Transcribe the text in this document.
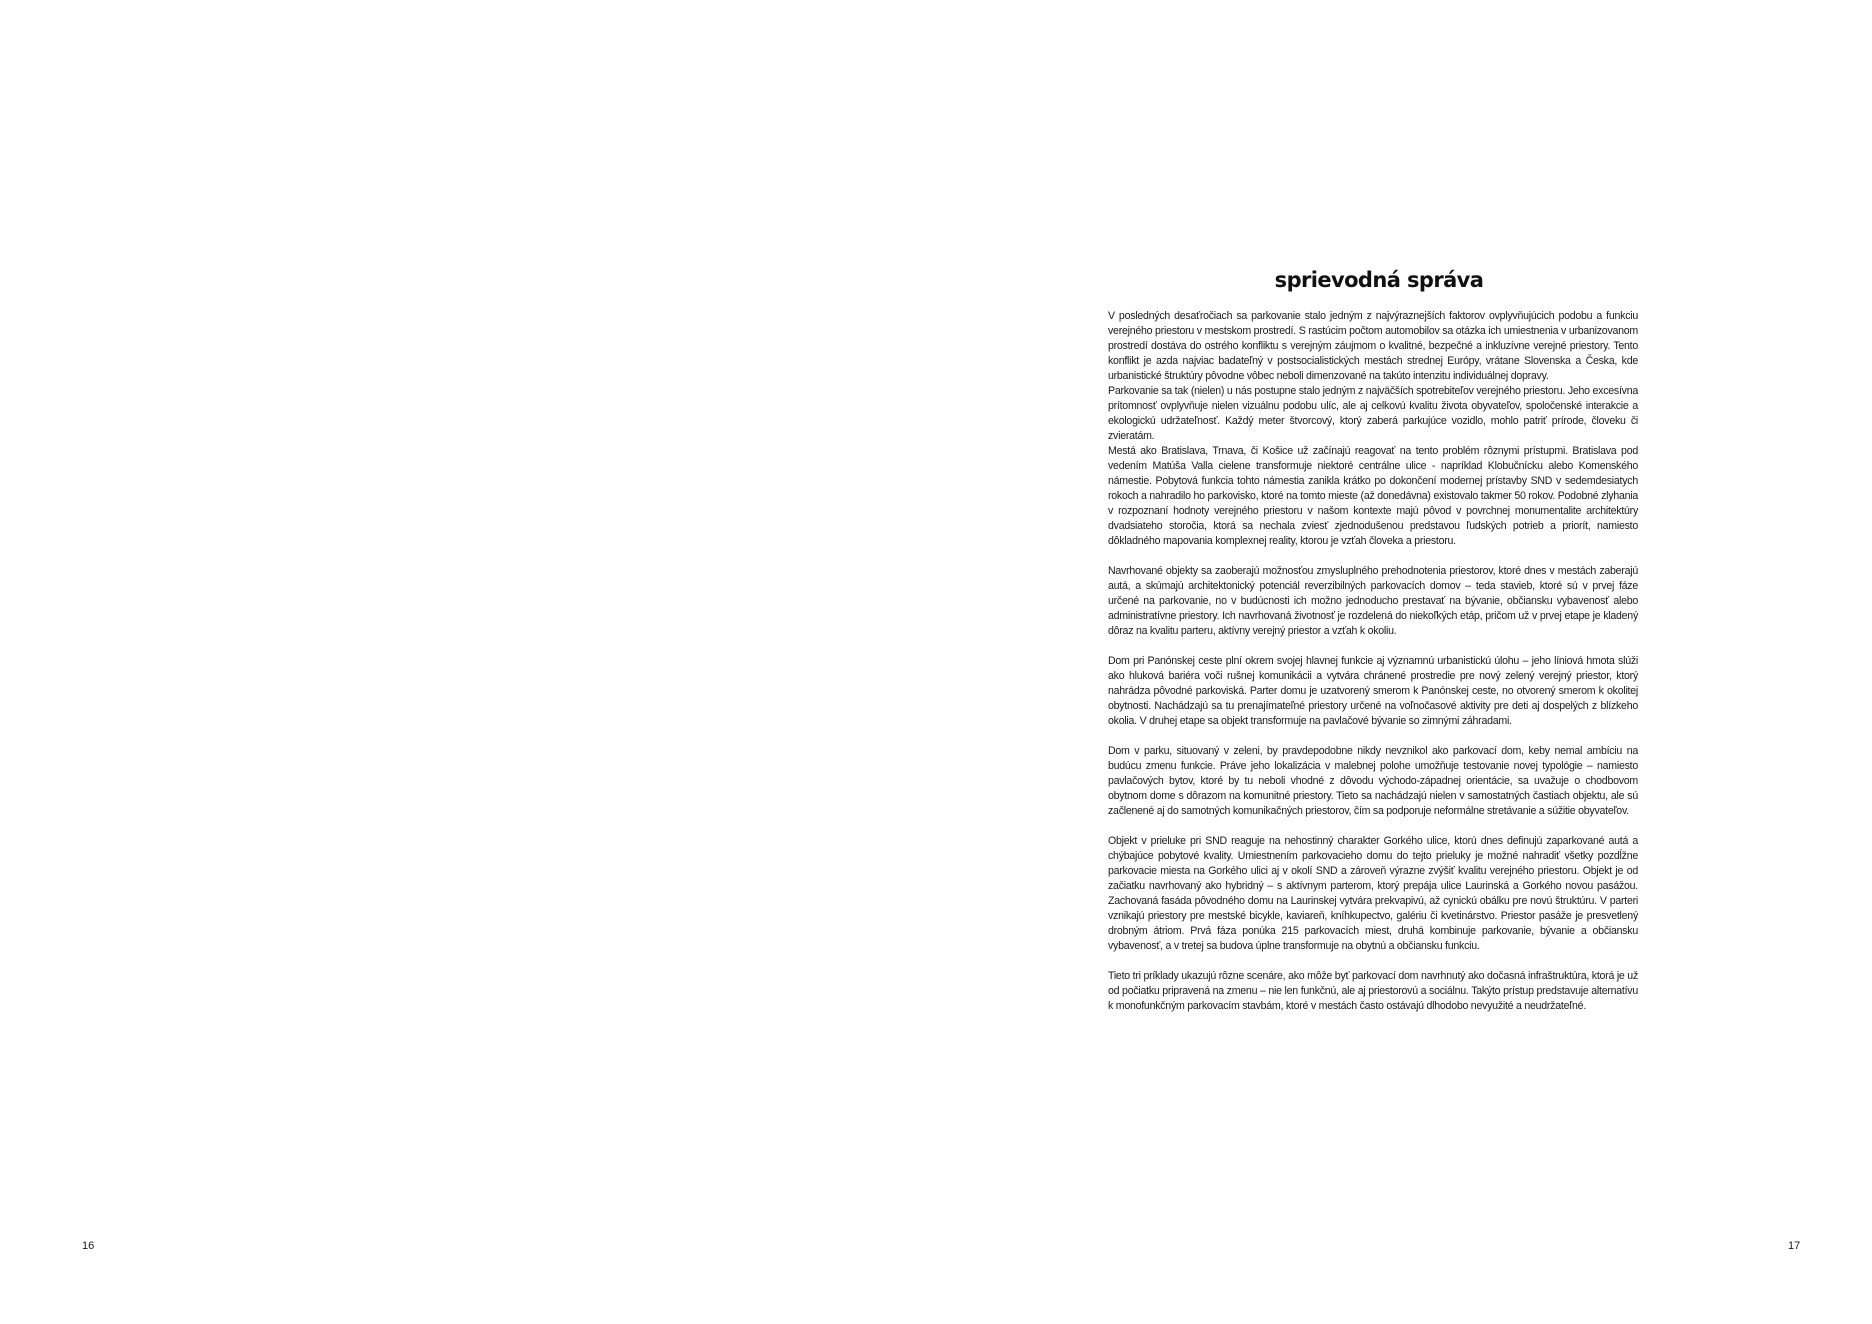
16
sprievodná správa

V posledných desaťročiach sa parkovanie stalo jedným z najvýraznejších faktorov ovplyvňujúcich podobu a funkciu verejného priestoru v mestskom prostredí. S rastúcim počtom automobilov sa otázka ich umiestnenia v urbanizovanom prostredí dostáva do ostrého konfliktu s verejným záujmom o kvalitné, bezpečné a inkluzívne verejné priestory. Tento konflikt je azda najviac badateľný v postsocialistických mestách strednej Európy, vrátane Slovenska a Česka, kde urbanistické štruktúry pôvodne vôbec neboli dimenzované na takúto intenzitu individuálnej dopravy.

Parkovanie sa tak (nielen) u nás postupne stalo jedným z najväčších spotrebiteľov verejného priestoru. Jeho excesívna prítomnosť ovplyvňuje nielen vizuálnu podobu ulíc, ale aj celkovú kvalitu života obyvateľov, spoločenské interakcie a ekologickú udržateľnosť. Každý meter štvorcový, ktorý zaberá parkujúce vozidlo, mohlo patriť prírode, človeku či zvieratám.

Mestá ako Bratislava, Trnava, či Košice už začínajú reagovať na tento problém rôznymi prístupmi. Bratislava pod vedením Matúša Valla cielene transformuje niektoré centrálne ulice - napríklad Klobučnícku alebo Komenského námestie. Pobytová funkcia tohto námestia zanikla krátko po dokončení modernej prístavby SND v sedemdesiatych rokoch a nahradilo ho parkovisko, ktoré na tomto mieste (až donedávna) existovalo takmer 50 rokov. Podobné zlyhania v rozpoznaní hodnoty verejného priestoru v našom kontexte majú pôvod v povrchnej monumentalite architektúry dvadsiateho storočia, ktorá sa nechala zviesť zjednodušenou predstavou ľudských potrieb a priorít, namiesto dôkladného mapovania komplexnej reality, ktorou je vzťah človeka a priestoru.

Navrhované objekty sa zaoberajú možnosťou zmysluplného prehodnotenia priestorov, ktoré dnes v mestách zaberajú autá, a skúmajú architektonický potenciál reverzibilných parkovacích domov – teda stavieb, ktoré sú v prvej fáze určené na parkovanie, no v budúcnosti ich možno jednoducho prestavať na bývanie, občiansku vybavenosť alebo administratívne priestory. Ich navrhovaná životnosť je rozdelená do niekoľkých etáp, pričom už v prvej etape je kladený dôraz na kvalitu parteru, aktívny verejný priestor a vzťah k okoliu.

Dom pri Panónskej ceste plní okrem svojej hlavnej funkcie aj významnú urbanistickú úlohu – jeho líniová hmota slúži ako hluková bariéra voči rušnej komunikácii a vytvára chránené prostredie pre nový zelený verejný priestor, ktorý nahrádza pôvodné parkoviská. Parter domu je uzatvorený smerom k Panónskej ceste, no otvorený smerom k okolitej obytnosti. Nachádzajú sa tu prenajímateľné priestory určené na voľnočasové aktivity pre deti aj dospelých z blízkeho okolia. V druhej etape sa objekt transformuje na pavlačové bývanie so zimnými záhradami.

Dom v parku, situovaný v zeleni, by pravdepodobne nikdy nevznikol ako parkovací dom, keby nemal ambíciu na budúcu zmenu funkcie. Práve jeho lokalizácia v malebnej polohe umožňuje testovanie novej typológie – namiesto pavlačových bytov, ktoré by tu neboli vhodné z dôvodu východo-západnej orientácie, sa uvažuje o chodbovom obytnom dome s dôrazom na komunitné priestory. Tieto sa nachádzajú nielen v samostatných častiach objektu, ale sú začlenené aj do samotných komunikačných priestorov, čím sa podporuje neformálne stretávanie a súžitie obyvateľov.

Objekt v prieluke pri SND reaguje na nehostinný charakter Gorkého ulice, ktorú dnes definujú zaparkované autá a chýbajúce pobytové kvality. Umiestnením parkovacieho domu do tejto prieluky je možné nahradiť všetky pozdĺžne parkovacie miesta na Gorkého ulici aj v okolí SND a zároveň výrazne zvýšiť kvalitu verejného priestoru. Objekt je od začiatku navrhovaný ako hybridný – s aktívnym parterom, ktorý prepája ulice Laurinská a Gorkého novou pasážou. Zachovaná fasáda pôvodného domu na Laurinskej vytvára prekvapivú, až cynickú obálku pre novú štruktúru. V parteri vznikajú priestory pre mestské bicykle, kaviareň, kníhkupectvo, galériu či kvetinárstvo. Priestor pasáže je presvetlený drobným átriom. Prvá fáza ponúka 215 parkovacích miest, druhá kombinuje parkovanie, bývanie a občiansku vybavenosť, a v tretej sa budova úplne transformuje na obytnú a občiansku funkciu.

Tieto tri príklady ukazujú rôzne scenáre, ako môže byť parkovací dom navrhnutý ako dočasná infraštruktúra, ktorá je už od počiatku pripravená na zmenu – nie len funkčnú, ale aj priestorovú a sociálnu. Takýto prístup predstavuje alternatívu k monofunkčným parkovacím stavbám, ktoré v mestách často ostávajú dlhodobo nevyužité a neudržateľné.

17
